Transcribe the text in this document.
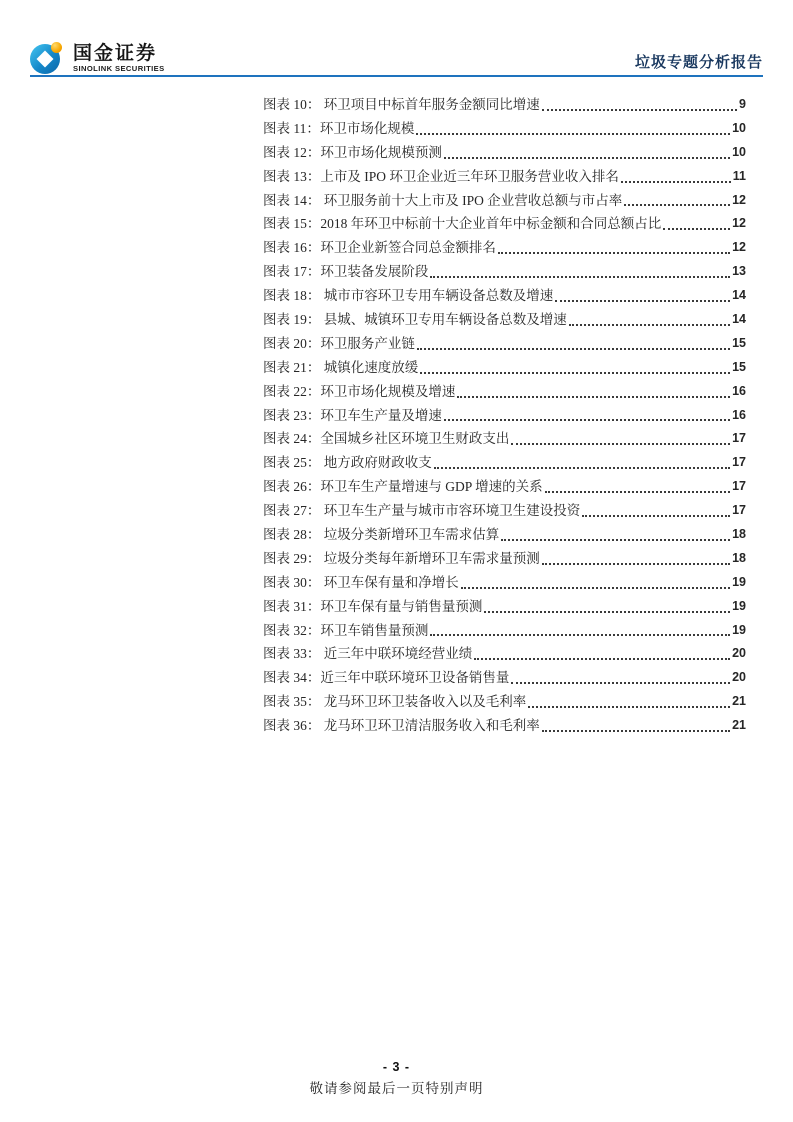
国金证券
SINOLINK SECURITIES	垃圾专题分析报告
图表 10： 环卫项目中标首年服务金额同比增速	9
图表 11： 环卫市场化规模	10
图表 12： 环卫市场化规模预测	10
图表 13： 上市及 IPO 环卫企业近三年环卫服务营业收入排名	11
图表 14： 环卫服务前十大上市及 IPO 企业营收总额与市占率	12
图表 15： 2018 年环卫中标前十大企业首年中标金额和合同总额占比	12
图表 16： 环卫企业新签合同总金额排名	12
图表 17： 环卫装备发展阶段	13
图表 18： 城市市容环卫专用车辆设备总数及增速	14
图表 19： 县城、城镇环卫专用车辆设备总数及增速	14
图表 20： 环卫服务产业链	15
图表 21： 城镇化速度放缓	15
图表 22： 环卫市场化规模及增速	16
图表 23： 环卫车生产量及增速	16
图表 24： 全国城乡社区环境卫生财政支出	17
图表 25： 地方政府财政收支	17
图表 26： 环卫车生产量增速与 GDP 增速的关系	17
图表 27： 环卫车生产量与城市市容环境卫生建设投资	17
图表 28： 垃圾分类新增环卫车需求估算	18
图表 29： 垃圾分类每年新增环卫车需求量预测	18
图表 30： 环卫车保有量和净增长	19
图表 31： 环卫车保有量与销售量预测	19
图表 32： 环卫车销售量预测	19
图表 33： 近三年中联环境经营业绩	20
图表 34： 近三年中联环境环卫设备销售量	20
图表 35： 龙马环卫环卫装备收入以及毛利率	21
图表 36： 龙马环卫环卫清洁服务收入和毛利率	21
- 3 -
敬请参阅最后一页特别声明
